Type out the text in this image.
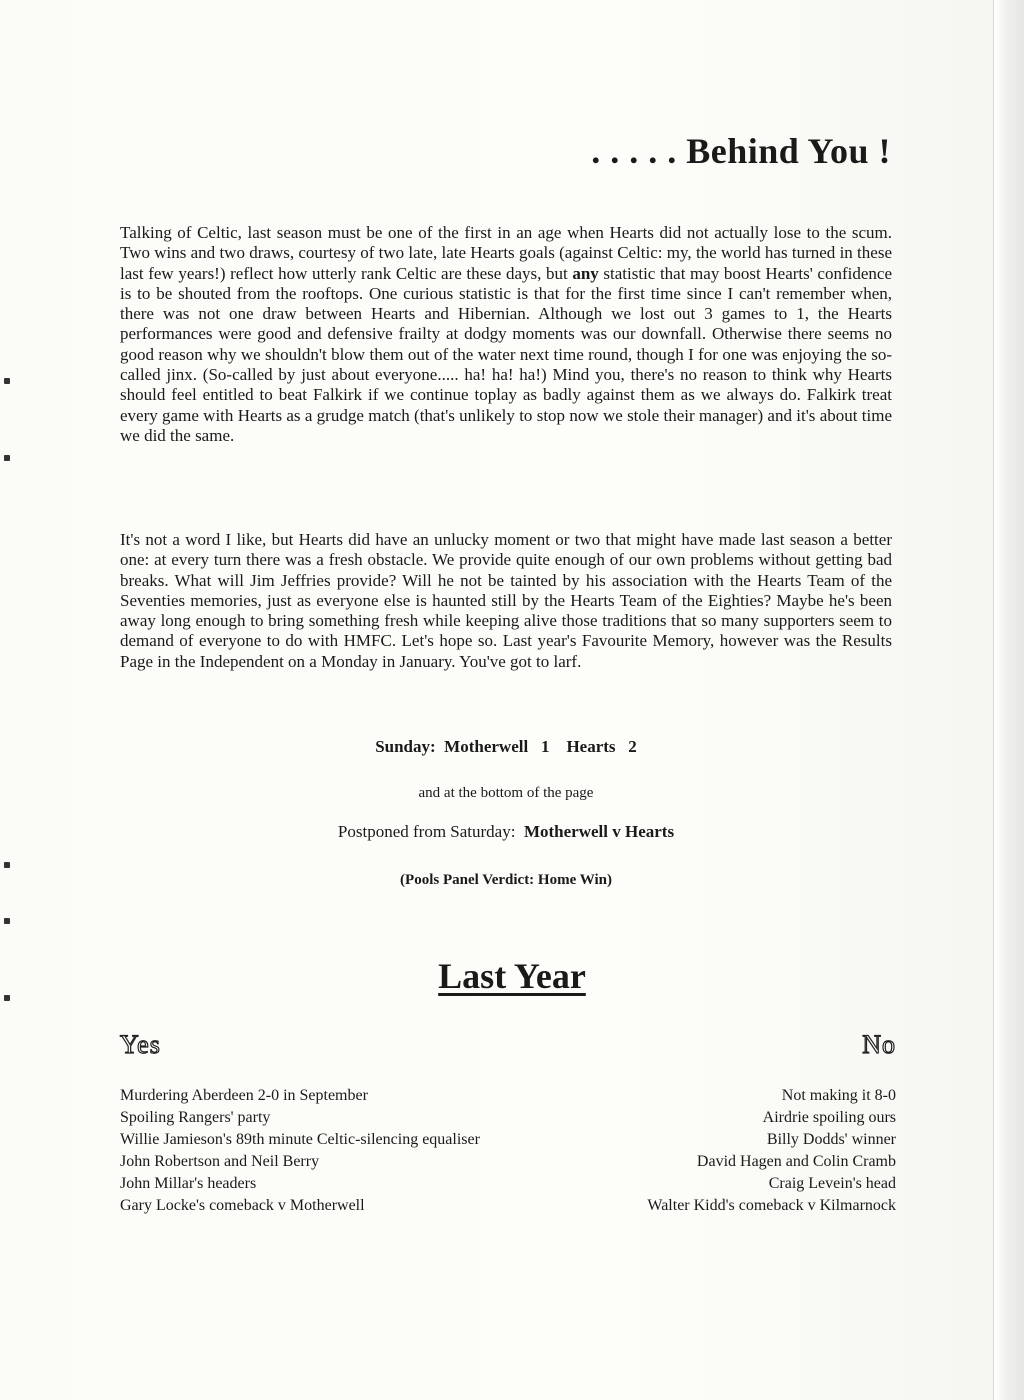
. . . . . Behind You !

Talking of Celtic, last season must be one of the first in an age when Hearts did not actually lose to the scum. Two wins and two draws, courtesy of two late, late Hearts goals (against Celtic: my, the world has turned in these last few years!) reflect how utterly rank Celtic are these days, but any statistic that may boost Hearts' confidence is to be shouted from the rooftops. One curious statistic is that for the first time since I can't remember when, there was not one draw between Hearts and Hibernian. Although we lost out 3 games to 1, the Hearts performances were good and defensive frailty at dodgy moments was our downfall. Otherwise there seems no good reason why we shouldn't blow them out of the water next time round, though I for one was enjoying the so-called jinx. (So-called by just about everyone..... ha! ha! ha!) Mind you, there's no reason to think why Hearts should feel entitled to beat Falkirk if we continue toplay as badly against them as we always do. Falkirk treat every game with Hearts as a grudge match (that's unlikely to stop now we stole their manager) and it's about time we did the same.

It's not a word I like, but Hearts did have an unlucky moment or two that might have made last season a better one: at every turn there was a fresh obstacle. We provide quite enough of our own problems without getting bad breaks. What will Jim Jeffries provide? Will he not be tainted by his association with the Hearts Team of the Seventies memories, just as everyone else is haunted still by the Hearts Team of the Eighties? Maybe he's been away long enough to bring something fresh while keeping alive those traditions that so many supporters seem to demand of everyone to do with HMFC. Let's hope so. Last year's Favourite Memory, however was the Results Page in the Independent on a Monday in January. You've got to larf.

Sunday: Motherwell 1 Hearts 2
and at the bottom of the page
Postponed from Saturday: Motherwell v Hearts
(Pools Panel Verdict: Home Win)
Last Year
Yes	No
Murdering Aberdeen 2-0 in September
Spoiling Rangers' party
Willie Jamieson's 89th minute Celtic-silencing equaliser
John Robertson and Neil Berry
John Millar's headers
Gary Locke's comeback v Motherwell
Not making it 8-0
Airdrie spoiling ours
Billy Dodds' winner
David Hagen and Colin Cramb
Craig Levein's head
Walter Kidd's comeback v Kilmarnock
